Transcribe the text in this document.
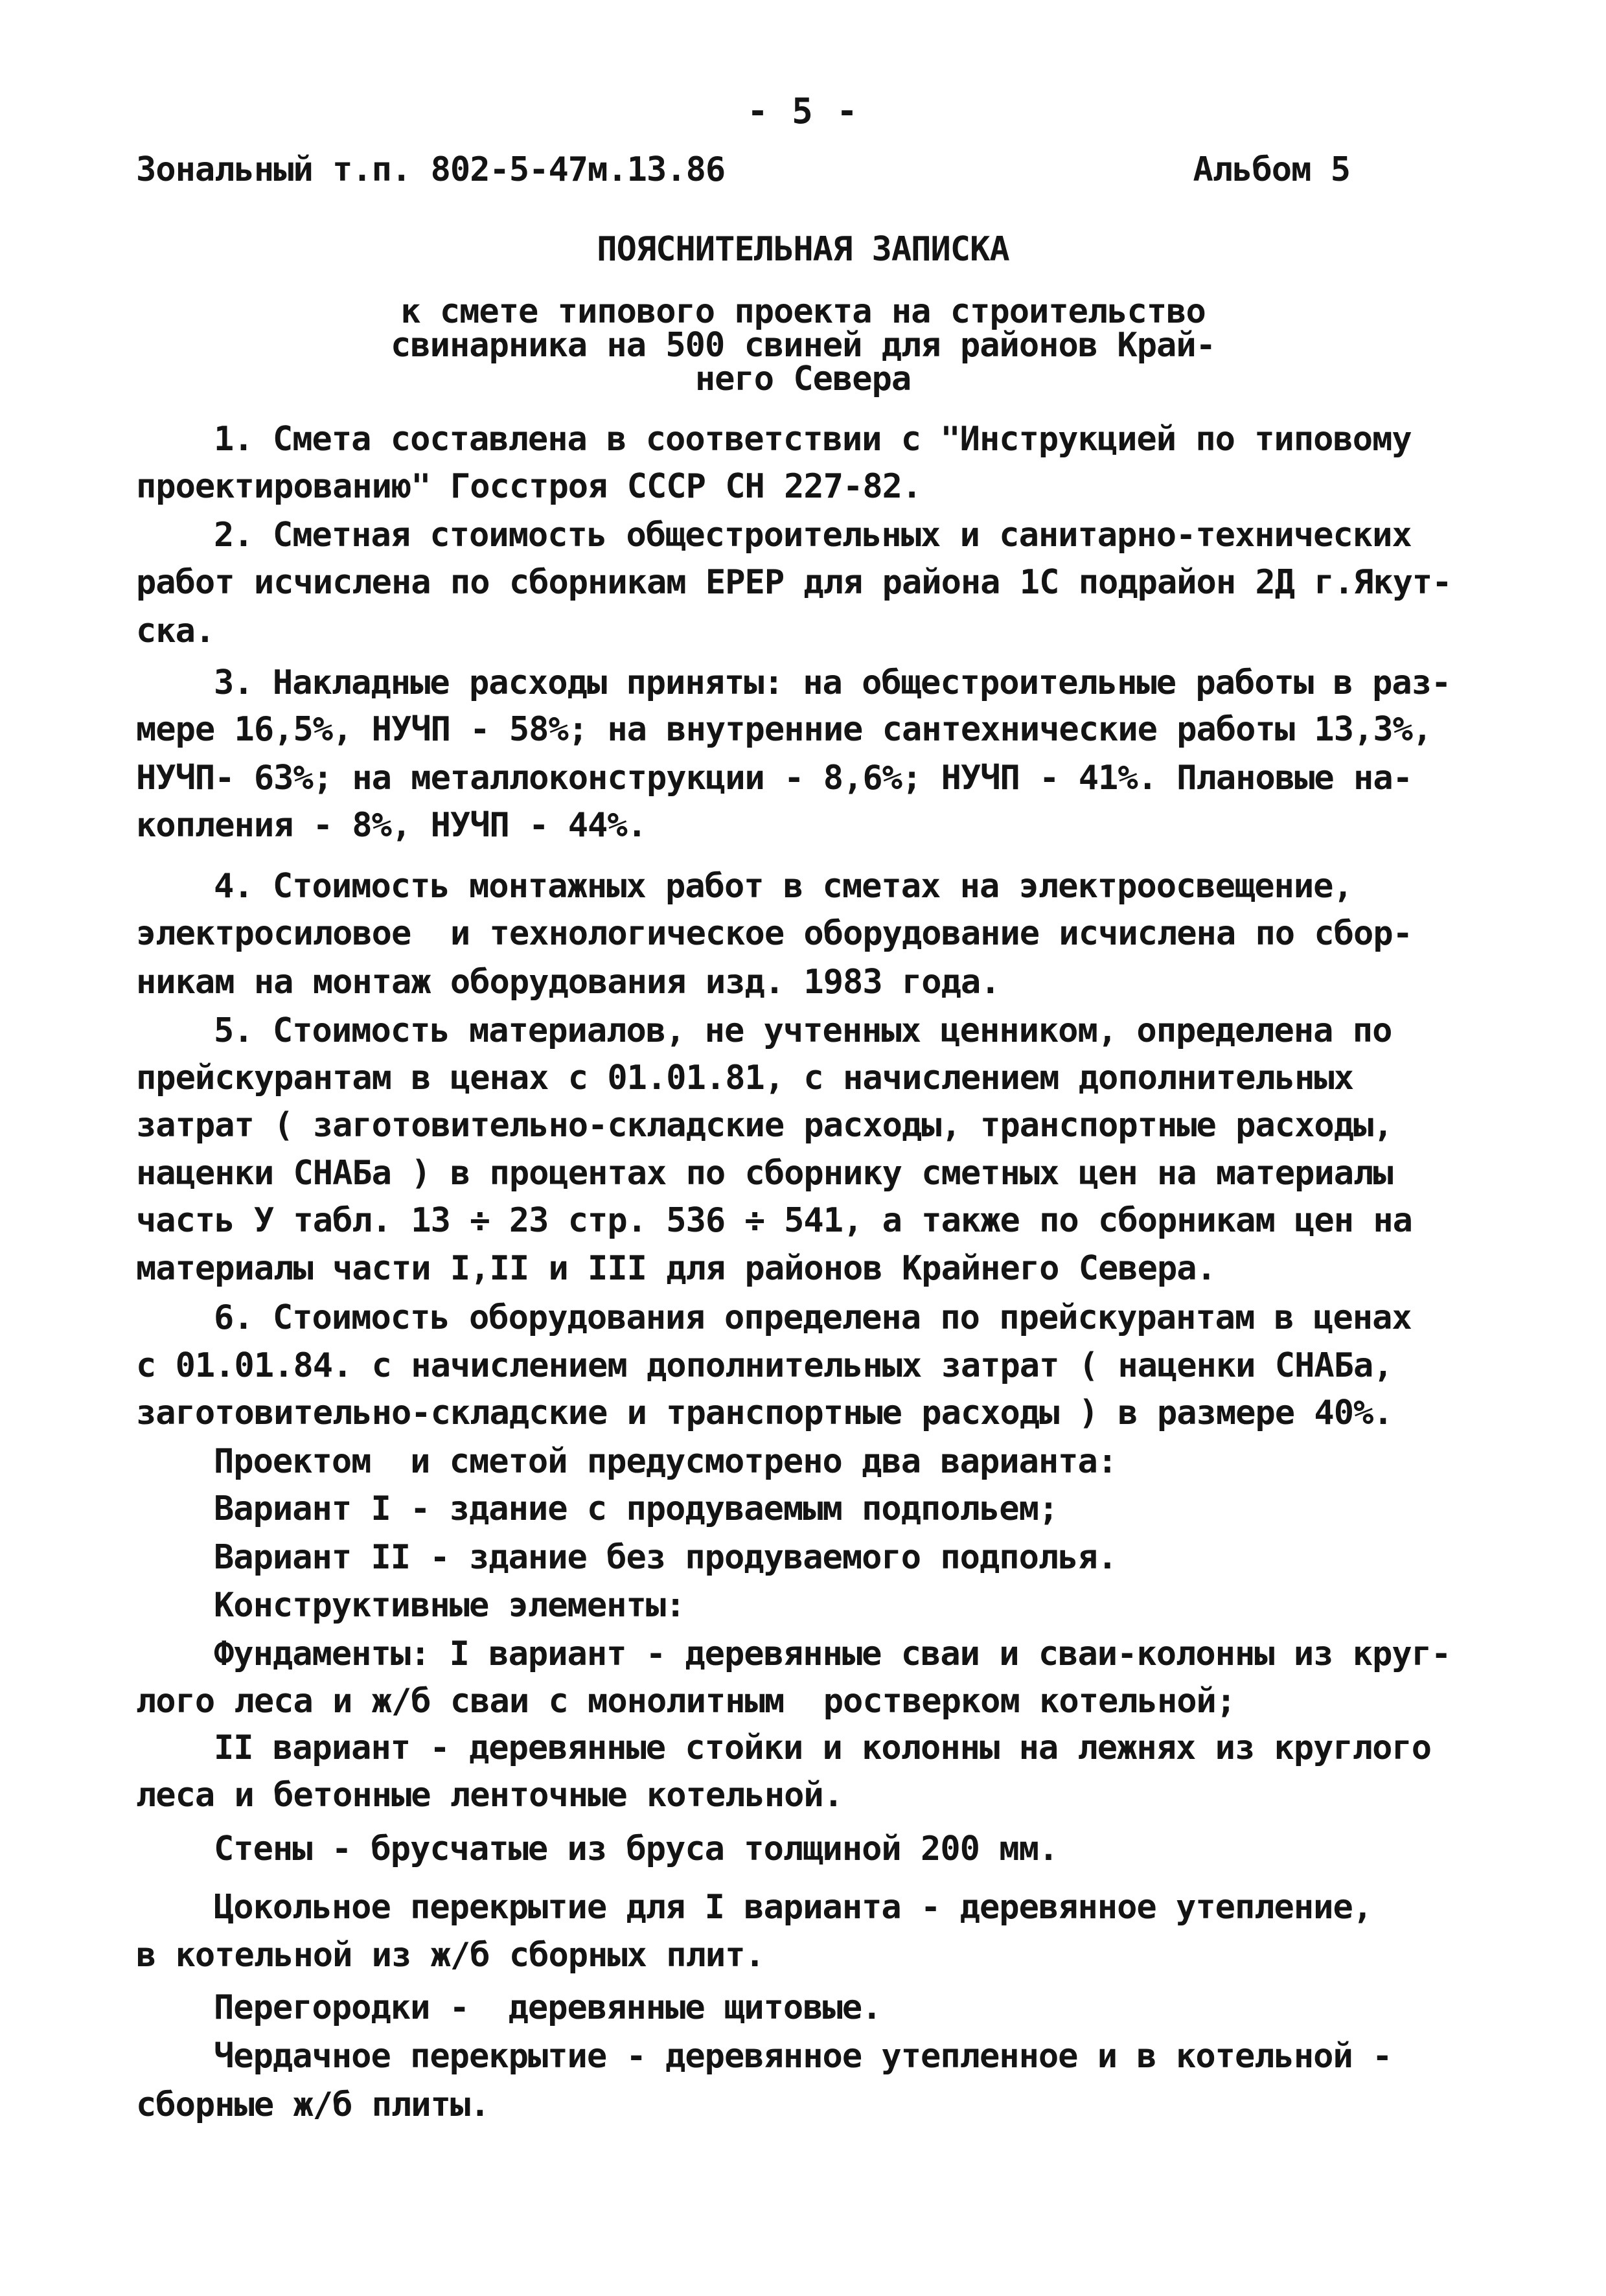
- 5 -
Зональный т.п. 802-5-47м.13.86	Альбом 5
ПОЯСНИТЕЛЬНАЯ ЗАПИСКА
к смете типового проекта на строительство
свинарника на 500 свиней для районов Край-
него Севера
1. Смета составлена в соответствии с "Инструкцией по типовому
проектированию" Госстроя СССР СН 227-82.
2. Сметная стоимость общестроительных и санитарно-технических
работ исчислена по сборникам ЕРЕР для района 1С подрайон 2Д г.Якут-
ска.
3. Накладные расходы приняты: на общестроительные работы в раз-
мере 16,5%, НУЧП - 58%; на внутренние сантехнические работы 13,3%,
НУЧП- 63%; на металлоконструкции - 8,6%; НУЧП - 41%. Плановые на-
копления - 8%, НУЧП - 44%.
4. Стоимость монтажных работ в сметах на электроосвещение,
электросиловое  и технологическое оборудование исчислена по сбор-
никам на монтаж оборудования изд. 1983 года.
5. Стоимость материалов, не учтенных ценником, определена по
прейскурантам в ценах с 01.01.81, с начислением дополнительных
затрат ( заготовительно-складские расходы, транспортные расходы,
наценки СНАБа ) в процентах по сборнику сметных цен на материалы
часть У табл. 13 ÷ 23 стр. 536 ÷ 541, а также по сборникам цен на
материалы части I,II и III для районов Крайнего Севера.
6. Стоимость оборудования определена по прейскурантам в ценах
с 01.01.84. с начислением дополнительных затрат ( наценки СНАБа,
заготовительно-складские и транспортные расходы ) в размере 40%.
Проектом  и сметой предусмотрено два варианта:
Вариант I - здание с продуваемым подпольем;
Вариант II - здание без продуваемого подполья.
Конструктивные элементы:
Фундаменты: I вариант - деревянные сваи и сваи-колонны из круг-
лого леса и ж/б сваи с монолитным  ростверком котельной;
II вариант - деревянные стойки и колонны на лежнях из круглого
леса и бетонные ленточные котельной.
Стены - брусчатые из бруса толщиной 200 мм.
Цокольное перекрытие для I варианта - деревянное утепление,
в котельной из ж/б сборных плит.
Перегородки -  деревянные щитовые.
Чердачное перекрытие - деревянное утепленное и в котельной -
сборные ж/б плиты.
